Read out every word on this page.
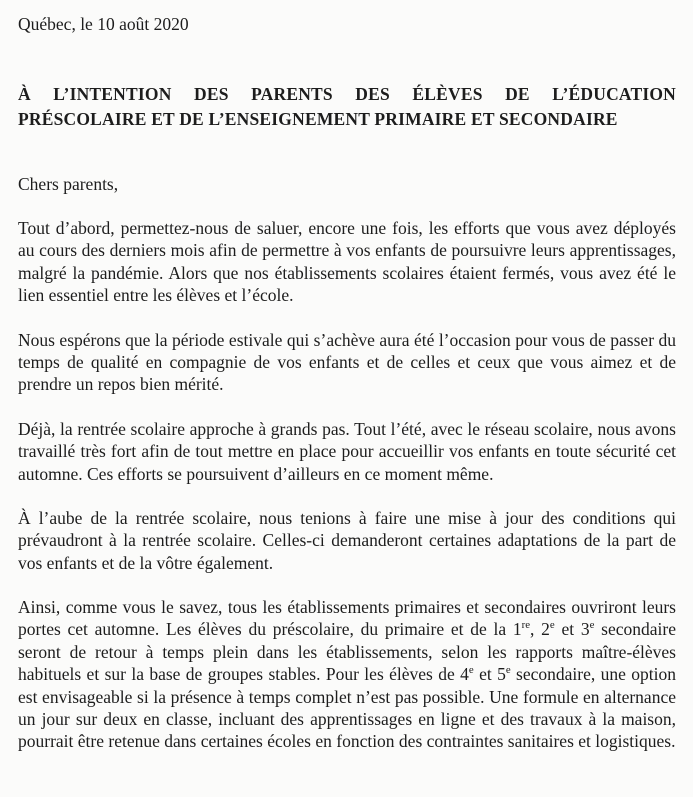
Québec, le 10 août 2020

À L’INTENTION DES PARENTS DES ÉLÈVES DE L’ÉDUCATION PRÉSCOLAIRE ET DE L’ENSEIGNEMENT PRIMAIRE ET SECONDAIRE

Chers parents,

Tout d’abord, permettez-nous de saluer, encore une fois, les efforts que vous avez déployés au cours des derniers mois afin de permettre à vos enfants de poursuivre leurs apprentissages, malgré la pandémie. Alors que nos établissements scolaires étaient fermés, vous avez été le lien essentiel entre les élèves et l’école.

Nous espérons que la période estivale qui s’achève aura été l’occasion pour vous de passer du temps de qualité en compagnie de vos enfants et de celles et ceux que vous aimez et de prendre un repos bien mérité.

Déjà, la rentrée scolaire approche à grands pas. Tout l’été, avec le réseau scolaire, nous avons travaillé très fort afin de tout mettre en place pour accueillir vos enfants en toute sécurité cet automne. Ces efforts se poursuivent d’ailleurs en ce moment même.

À l’aube de la rentrée scolaire, nous tenions à faire une mise à jour des conditions qui prévaudront à la rentrée scolaire. Celles-ci demanderont certaines adaptations de la part de vos enfants et de la vôtre également.

Ainsi, comme vous le savez, tous les établissements primaires et secondaires ouvriront leurs portes cet automne. Les élèves du préscolaire, du primaire et de la 1re, 2e et 3e secondaire seront de retour à temps plein dans les établissements, selon les rapports maître-élèves habituels et sur la base de groupes stables. Pour les élèves de 4e et 5e secondaire, une option est envisageable si la présence à temps complet n’est pas possible. Une formule en alternance un jour sur deux en classe, incluant des apprentissages en ligne et des travaux à la maison, pourrait être retenue dans certaines écoles en fonction des contraintes sanitaires et logistiques.
